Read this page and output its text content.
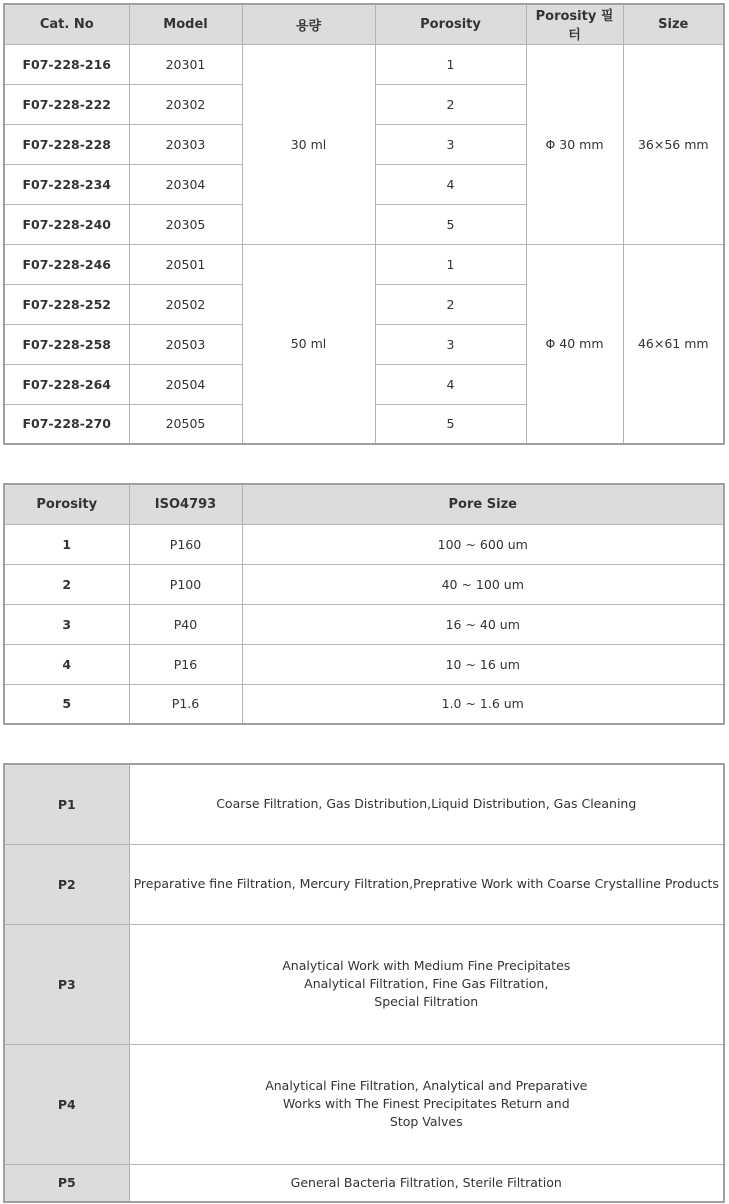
Cat. No	Model	용량	Porosity	Porosity 필터	Size
F07-228-216	20301	30 ml	1	Φ 30 mm	36×56 mm
F07-228-222	20302		2		
F07-228-228	20303		3		
F07-228-234	20304		4		
F07-228-240	20305		5		
F07-228-246	20501	50 ml	1	Φ 40 mm	46×61 mm
F07-228-252	20502		2		
F07-228-258	20503		3		
F07-228-264	20504		4		
F07-228-270	20505		5		
Porosity	ISO4793	Pore Size
1	P160	100 ~ 600 um
2	P100	40 ~ 100 um
3	P40	16 ~ 40 um
4	P16	10 ~ 16 um
5	P1.6	1.0 ~ 1.6 um
P1	Coarse Filtration, Gas Distribution,Liquid Distribution, Gas Cleaning

P2	Preparative fine Filtration, Mercury Filtration,Preprative Work with Coarse Crystalline Products

P3	Analytical Work with Medium Fine Precipitates
Analytical Filtration, Fine Gas Filtration,
Special Filtration

P4	Analytical Fine Filtration, Analytical and Preparative
Works with The Finest Precipitates Return and
Stop Valves

P5	General Bacteria Filtration, Sterile Filtration
